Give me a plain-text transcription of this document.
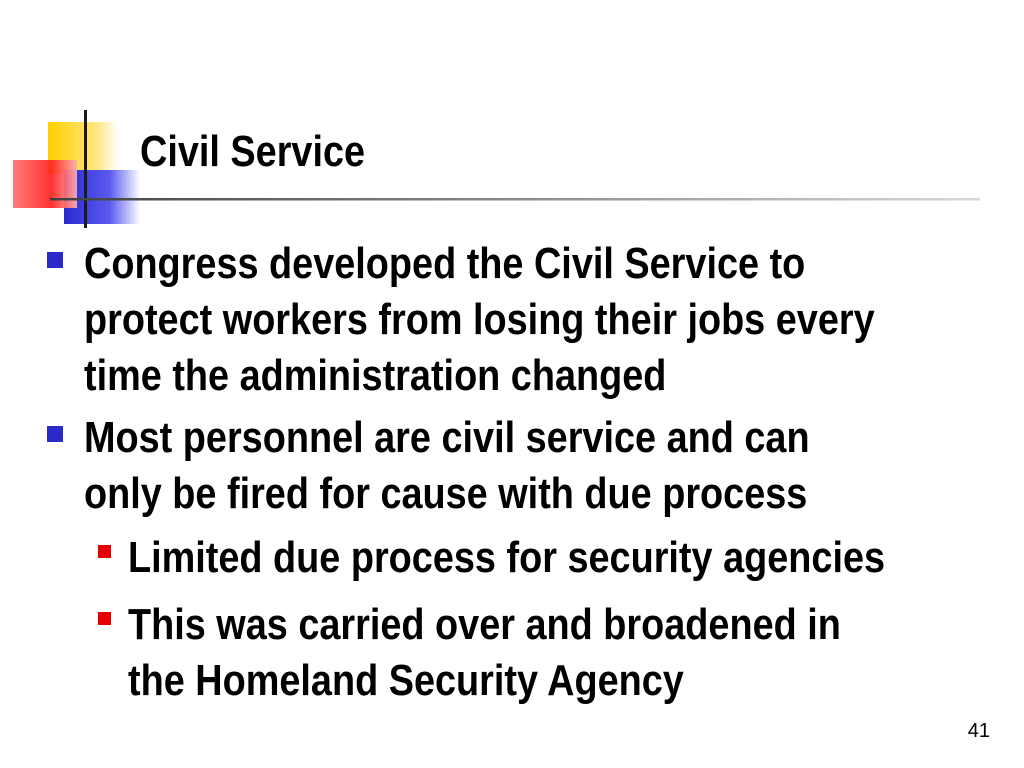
Civil Service
Congress developed the Civil Service to
protect workers from losing their jobs every
time the administration changed
Most personnel are civil service and can
only be fired for cause with due process
Limited due process for security agencies
This was carried over and broadened in
the Homeland Security Agency
41
